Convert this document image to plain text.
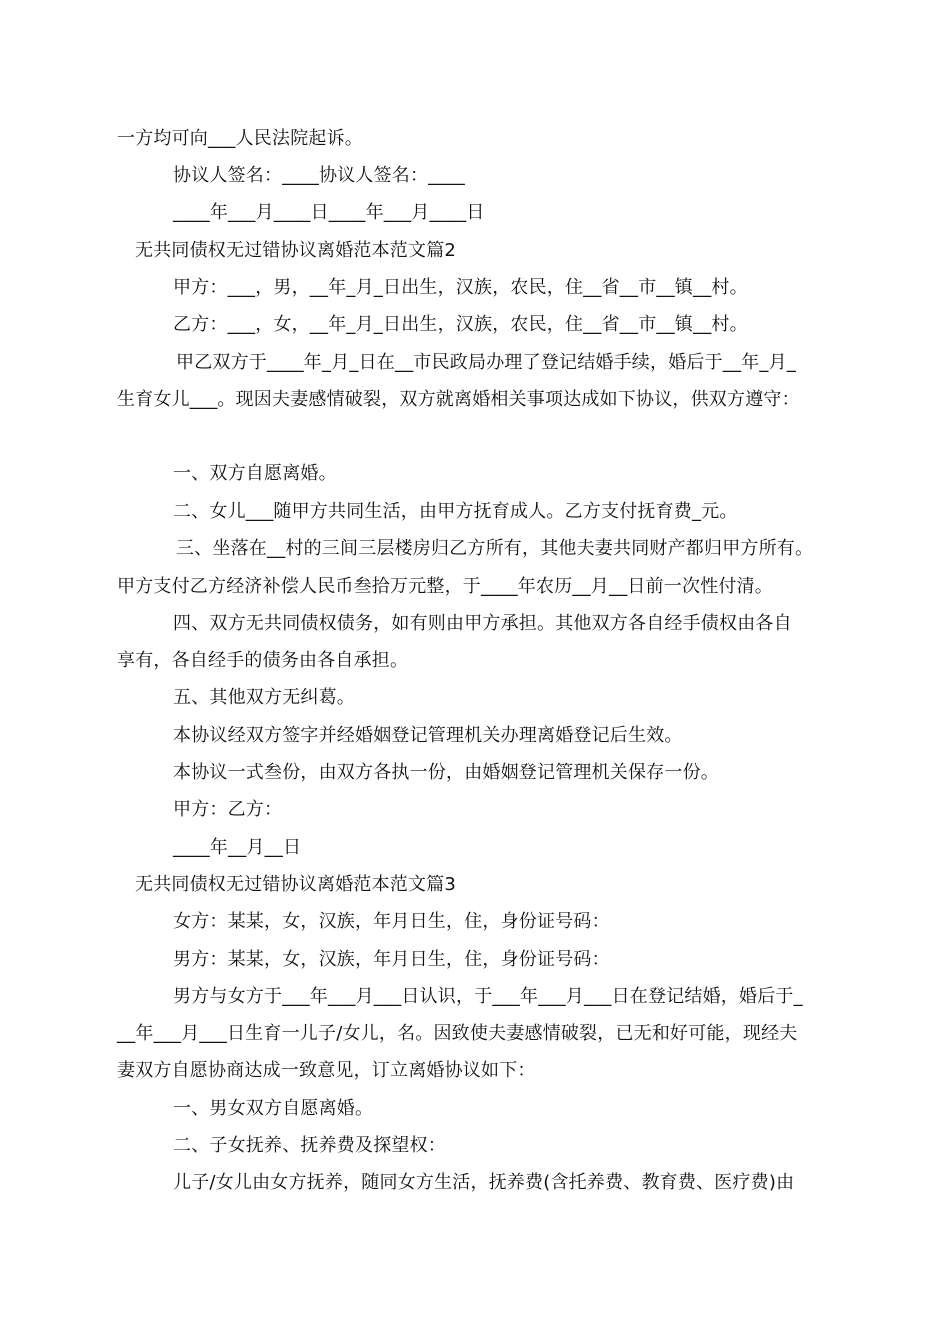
一方均可向___人民法院起诉。
协议人签名：____协议人签名：____
____年___月____日____年___月____日
无共同债权无过错协议离婚范本范文篇2
甲方：___，男，__年_月_日出生，汉族，农民，住__省__市__镇__村。
乙方：___，女，__年_月_日出生，汉族，农民，住__省__市__镇__村。
甲乙双方于____年_月_日在__市民政局办理了登记结婚手续，婚后于__年_月_
生育女儿___。现因夫妻感情破裂，双方就离婚相关事项达成如下协议，供双方遵守：
一、双方自愿离婚。
二、女儿___随甲方共同生活，由甲方抚育成人。乙方支付抚育费_元。
三、坐落在__村的三间三层楼房归乙方所有，其他夫妻共同财产都归甲方所有。
甲方支付乙方经济补偿人民币叁拾万元整，于____年农历__月__日前一次性付清。
四、双方无共同债权债务，如有则由甲方承担。其他双方各自经手债权由各自
享有，各自经手的债务由各自承担。
五、其他双方无纠葛。
本协议经双方签字并经婚姻登记管理机关办理离婚登记后生效。
本协议一式叁份，由双方各执一份，由婚姻登记管理机关保存一份。
甲方：乙方：
____年__月__日
无共同债权无过错协议离婚范本范文篇3
女方：某某，女，汉族，年月日生，住，身份证号码：
男方：某某，女，汉族，年月日生，住，身份证号码：
男方与女方于___年___月___日认识，于___年___月___日在登记结婚，婚后于_
__年___月___日生育一儿子/女儿，名。因致使夫妻感情破裂，已无和好可能，现经夫
妻双方自愿协商达成一致意见，订立离婚协议如下：
一、男女双方自愿离婚。
二、子女抚养、抚养费及探望权：
儿子/女儿由女方抚养，随同女方生活，抚养费(含托养费、教育费、医疗费)由
